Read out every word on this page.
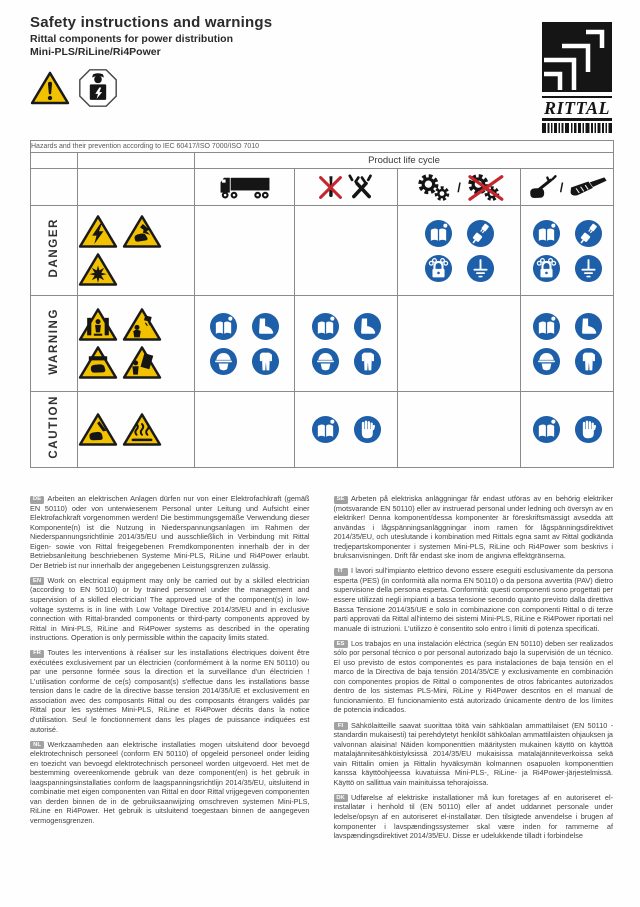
Safety instructions and warnings
Rittal components for power distribution
Mini-PLS/RiLine/Ri4Power
RITTAL
Hazards and their prevention according to IEC 60417/ISO 7000/ISO 7010					
		Product life cycle			

/	/

DANGER	

WARNING	

CAUTION	

DE Arbeiten an elektrischen Anlagen dürfen nur von einer Elektrofachkraft (gemäß EN 50110) oder von unterwiesenem Personal unter Leitung und Aufsicht einer Elektrofachkraft vorgenommen werden! Die bestimmungsgemäße Verwendung dieser Komponente(n) ist die Nutzung in Niederspannungsanlagen im Rahmen der Niederspannungsrichtlinie 2014/35/EU und ausschließlich in Verbindung mit Rittal Eigen- sowie von Rittal freigegebenen Fremdkomponenten innerhalb der in der Betriebsanleitung beschriebenen Systeme Mini-PLS, RiLine und Ri4Power erlaubt. Der Betrieb ist nur innerhalb der angegebenen Leistungsgrenzen zulässig.
EN Work on electrical equipment may only be carried out by a skilled electrician (according to EN 50110) or by trained personnel under the management and supervision of a skilled electrician! The approved use of the component(s) in low-voltage systems is in line with Low Voltage Directive 2014/35/EU and in exclusive connection with Rittal-branded components or third-party components approved by Rittal in Mini-PLS, RiLine and Ri4Power systems as described in the operating instructions. Operation is only permissible within the capacity limits stated.
FR Toutes les interventions à réaliser sur les installations électriques doivent être exécutées exclusivement par un électricien (conformément à la norme EN 50110) ou par une personne formée sous la direction et la surveillance d'un électricien ! L'utilisation conforme de ce(s) composant(s) s'effectue dans les installations basse tension dans le cadre de la directive basse tension 2014/35/UE et exclusivement en association avec des composants Rittal ou des composants étrangers validés par Rittal pour les systèmes Mini-PLS, RiLine et Ri4Power décrits dans la notice d'utilisation. Seul le fonctionnement dans les plages de puissance indiquées est autorisé.
NL Werkzaamheden aan elektrische installaties mogen uitsluitend door bevoegd elektrotechnisch personeel (conform EN 50110) of opgeleid personeel onder leiding en toezicht van bevoegd elektrotechnisch personeel worden uitgevoerd. Het met de bestemming overeenkomende gebruik van deze component(en) is het gebruik in laagspanningsinstallaties conform de laagspanningsrichtlijn 2014/35/EU, uitsluitend in combinatie met eigen componenten van Rittal en door Rittal vrijgegeven componenten van derden binnen de in de gebruiksaanwijzing omschreven systemen Mini-PLS, RiLine en Ri4Power. Het gebruik is uitsluitend toegestaan binnen de aangegeven vermogensgrenzen.
SE Arbeten på elektriska anläggningar får endast utföras av en behörig elektriker (motsvarande EN 50110) eller av instruerad personal under ledning och översyn av en elektriker! Denna komponent/dessa komponenter är föreskriftsmässigt avsedda att användas i lågspänningsanläggningar inom ramen för lågspänningsdirektivet 2014/35/EU, och uteslutande i kombination med Rittals egna samt av Rittal godkända tredjepartskomponenter i systemen Mini-PLS, RiLine och Ri4Power som beskrivs i bruksanvisningen. Drift får endast ske inom de angivna effektgränserna.
IT I lavori sull'impianto elettrico devono essere eseguiti esclusivamente da persona esperta (PES) (in conformità alla norma EN 50110) o da persona avvertita (PAV) dietro supervisione della persona esperta. Conformità: questi componenti sono progettati per essere utilizzati negli impianti a bassa tensione secondo quanto previsto dalla direttiva Bassa Tensione 2014/35/UE e solo in combinazione con componenti Rittal o di terze parti approvati da Rittal all'interno dei sistemi Mini-PLS, RiLine e Ri4Power riportati nel manuale di istruzioni. L'utilizzo è consentito solo entro i limiti di potenza specificati.
ES Los trabajos en una instalación eléctrica (según EN 50110) deben ser realizados sólo por personal técnico o por personal autorizado bajo la supervisión de un técnico. El uso previsto de estos componentes es para instalaciones de baja tensión en el marco de la Directiva de baja tensión 2014/35/CE y exclusivamente en combinación con componentes propios de Rittal o componentes de otros fabricantes autorizados dentro de los sistemas PLS-Mini, RiLine y Ri4Power descritos en el manual de funcionamiento. El funcionamiento está autorizado únicamente dentro de los límites de potencia indicados.
FI Sähkölaitteille saavat suorittaa töitä vain sähköalan ammattilaiset (EN 50110 -standardin mukaisesti) tai perehdytetyt henkilöt sähköalan ammattilaisten ohjauksen ja valvonnan alaisina! Näiden komponenttien määritysten mukainen käyttö on käyttöä matalajännitesähköistyksissä 2014/35/EU mukaisissa matalajänniteverkoissa sekä vain Rittalin omien ja Rittalin hyväksymän kolmannen osapuolen komponenttien kanssa käyttöohjeessa kuvatuissa Mini-PLS-, RiLine- ja Ri4Power-järjestelmissä. Käyttö on sallittua vain mainituissa tehorajoissa.
DK Udførelse af elektriske installationer må kun foretages af en autoriseret el-installatør i henhold til (EN 50110) eller af andet uddannet personale under ledelse/opsyn af en autoriseret el-installatør. Den tilsigtede anvendelse i brugen af komponenter i lavspændingssystemer skal være inden for rammerne af lavspændingsdirektivet 2014/35/EU. Disse er udelukkende tilladt i forbindelse
